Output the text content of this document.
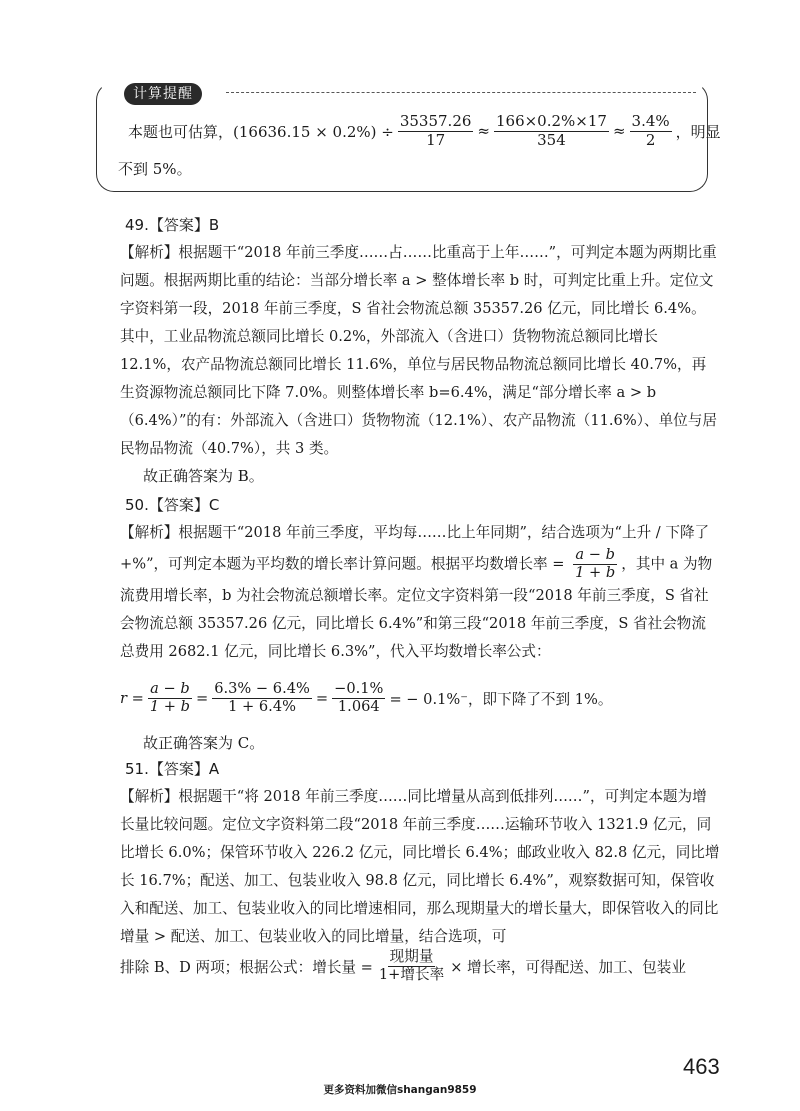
计算提醒
本题也可估算，$(16636.15 \times 0.2\%) \div \frac{35357.26}{17} \approx \frac{166\times 0.2\%\times 17}{354} \approx \frac{3.4\%}{2}$ ，明显
不到 5%。
49.【答案】B
【解析】根据题干“2018 年前三季度……占……比重高于上年……”，可判定本题为两期比重问题。根据两期比重的结论：当部分增长率 a > 整体增长率 b 时，可判定比重上升。定位文字资料第一段，2018 年前三季度，S 省社会物流总额 35357.26 亿元，同比增长 6.4%。其中，工业品物流总额同比增长 0.2%，外部流入（含进口）货物物流总额同比增长 12.1%，农产品物流总额同比增长 11.6%，单位与居民物品物流总额同比增长 40.7%，再生资源物流总额同比下降 7.0%。则整体增长率 b=6.4%，满足“部分增长率 a > b（6.4%）”的有：外部流入（含进口）货物物流（12.1%）、农产品物流（11.6%）、单位与居民物品物流（40.7%），共 3 类。
故正确答案为 B。
50.【答案】C
【解析】根据题干“2018 年前三季度，平均每……比上年同期”，结合选项为“上升 / 下降了 +%”，可判定本题为平均数的增长率计算问题。根据平均数增长率 = $\frac{a - b}{1 + b}$ ，其中 a 为物流费用增长率，b 为社会物流总额增长率。定位文字资料第一段“2018 年前三季度，S 省社会物流总额 35357.26 亿元，同比增长 6.4%”和第三段“2018 年前三季度，S 省社会物流总费用 2682.1 亿元，同比增长 6.3%”，代入平均数增长率公式：
$r = \frac{a - b}{1 + b} = \frac{6.3\% - 6.4\%}{1 + 6.4\%} = \frac{-0.1\%}{1.064}$ = − 0.1%⁻，即下降了不到 1%。
故正确答案为 C。
51.【答案】A
【解析】根据题干“将 2018 年前三季度……同比增量从高到低排列……”，可判定本题为增长量比较问题。定位文字资料第二段“2018 年前三季度……运输环节收入 1321.9 亿元，同比增长 6.0%；保管环节收入 226.2 亿元，同比增长 6.4%；邮政业收入 82.8 亿元，同比增长 16.7%；配送、加工、包装业收入 98.8 亿元，同比增长 6.4%”，观察数据可知，保管收入和配送、加工、包装业收入的同比增速相同，那么现期量大的增长量大，即保管收入的同比增量 > 配送、加工、包装业收入的同比增量，结合选项，可
排除 B、D 两项；根据公式：增长量 = $\frac{\text{现期量}}{\text{1+增长率}}$ × 增长率，可得配送、加工、包装业
463
更多资料加微信shangan9859
